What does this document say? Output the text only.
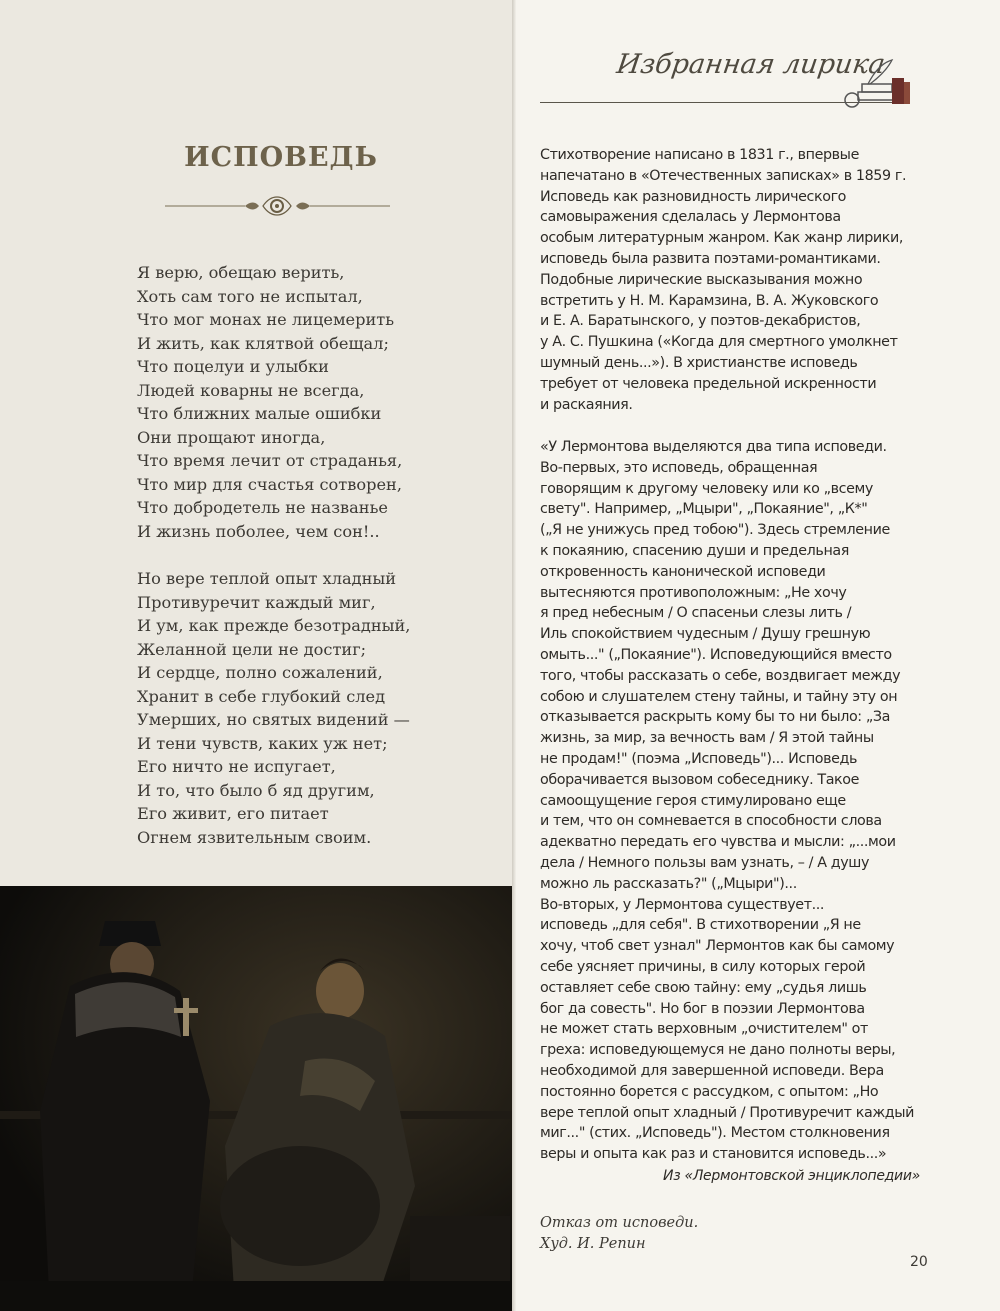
ИСПОВЕДЬ
Я верю, обещаю верить,
Хоть сам того не испытал,
Что мог монах не лицемерить
И жить, как клятвой обещал;
Что поцелуи и улыбки
Людей коварны не всегда,
Что ближних малые ошибки
Они прощают иногда,
Что время лечит от страданья,
Что мир для счастья сотворен,
Что добродетель не названье
И жизнь поболее, чем сон!..
Но вере теплой опыт хладный
Противуречит каждый миг,
И ум, как прежде безотрадный,
Желанной цели не достиг;
И сердце, полно сожалений,
Хранит в себе глубокий след
Умерших, но святых видений —
И тени чувств, каких уж нет;
Его ничто не испугает,
И то, что было б яд другим,
Его живит, его питает
Огнем язвительным своим.
Избранная лирика
Стихотворение написано в 1831 г., впервые
напечатано в «Отечественных записках» в 1859 г.
Исповедь как разновидность лирического
самовыражения сделалась у Лермонтова
особым литературным жанром. Как жанр лирики,
исповедь была развита поэтами-романтиками.
Подобные лирические высказывания можно
встретить у Н. М. Карамзина, В. А. Жуковского
и Е. А. Баратынского, у поэтов-декабристов,
у А. С. Пушкина («Когда для смертного умолкнет
шумный день...»). В христианстве исповедь
требует от человека предельной искренности
и раскаяния.
«У Лермонтова выделяются два типа исповеди.
Во-первых, это исповедь, обращенная
говорящим к другому человеку или ко „всему
свету". Например, „Мцыри", „Покаяние", „К*"
(„Я не унижусь пред тобою"). Здесь стремление
к покаянию, спасению души и предельная
откровенность канонической исповеди
вытесняются противоположным: „Не хочу
я пред небесным / О спасеньи слезы лить /
Иль спокойствием чудесным / Душу грешную
омыть..." („Покаяние"). Исповедующийся вместо
того, чтобы рассказать о себе, воздвигает между
собою и слушателем стену тайны, и тайну эту он
отказывается раскрыть кому бы то ни было: „За
жизнь, за мир, за вечность вам / Я этой тайны
не продам!" (поэма „Исповедь")... Исповедь
оборачивается вызовом собеседнику. Такое
самоощущение героя стимулировано еще
и тем, что он сомневается в способности слова
адекватно передать его чувства и мысли: „...мои
дела / Немного пользы вам узнать, – / А душу
можно ль рассказать?" („Мцыри")...
Во-вторых, у Лермонтова существует...
исповедь „для себя". В стихотворении „Я не
хочу, чтоб свет узнал" Лермонтов как бы самому
себе уясняет причины, в силу которых герой
оставляет себе свою тайну: ему „судья лишь
бог да совесть". Но бог в поэзии Лермонтова
не может стать верховным „очистителем" от
греха: исповедующемуся не дано полноты веры,
необходимой для завершенной исповеди. Вера
постоянно борется с рассудком, с опытом: „Но
вере теплой опыт хладный / Противуречит каждый
миг..." (стих. „Исповедь"). Местом столкновения
веры и опыта как раз и становится исповедь...»
Из «Лермонтовской энциклопедии»
Отказ от исповеди.
Худ. И. Репин
20
